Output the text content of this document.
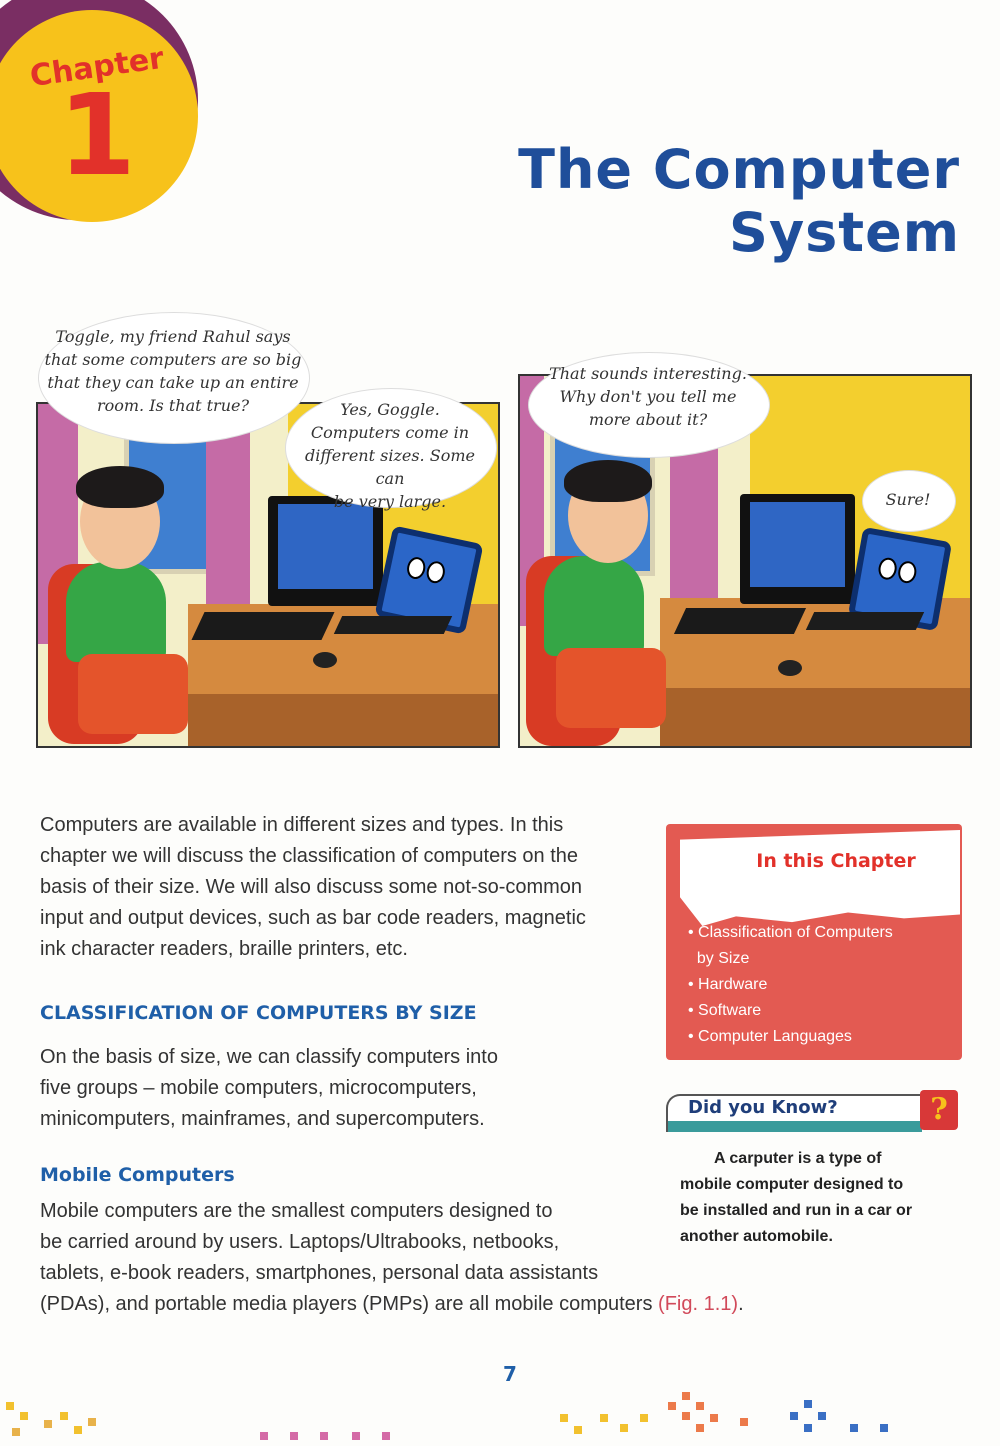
Chapter
1	The Computer System
Toggle, my friend Rahul says
that some computers are so big
that they can take up an entire
room. Is that true?	Yes, Goggle.
Computers come in
different sizes. Some can
be very large.
That sounds interesting.
Why don't you tell me
more about it?
Sure!
Computers are available in different sizes and types. In this
chapter we will discuss the classification of computers on the
basis of their size. We will also discuss some not-so-common
input and output devices, such as bar code readers, magnetic
ink character readers, braille printers, etc.
In this Chapter
• Classification of Computers
by Size
• Hardware
• Software
• Computer Languages
CLASSIFICATION OF COMPUTERS BY SIZE
On the basis of size, we can classify computers into
five groups – mobile computers, microcomputers,
minicomputers, mainframes, and supercomputers.
Did you Know?	?
A carputer is a type of
mobile computer designed to
be installed and run in a car or
another automobile.
Mobile Computers
Mobile computers are the smallest computers designed to
be carried around by users. Laptops/Ultrabooks, netbooks,
tablets, e-book readers, smartphones, personal data assistants
(PDAs), and portable media players (PMPs) are all mobile computers (Fig. 1.1).
7
